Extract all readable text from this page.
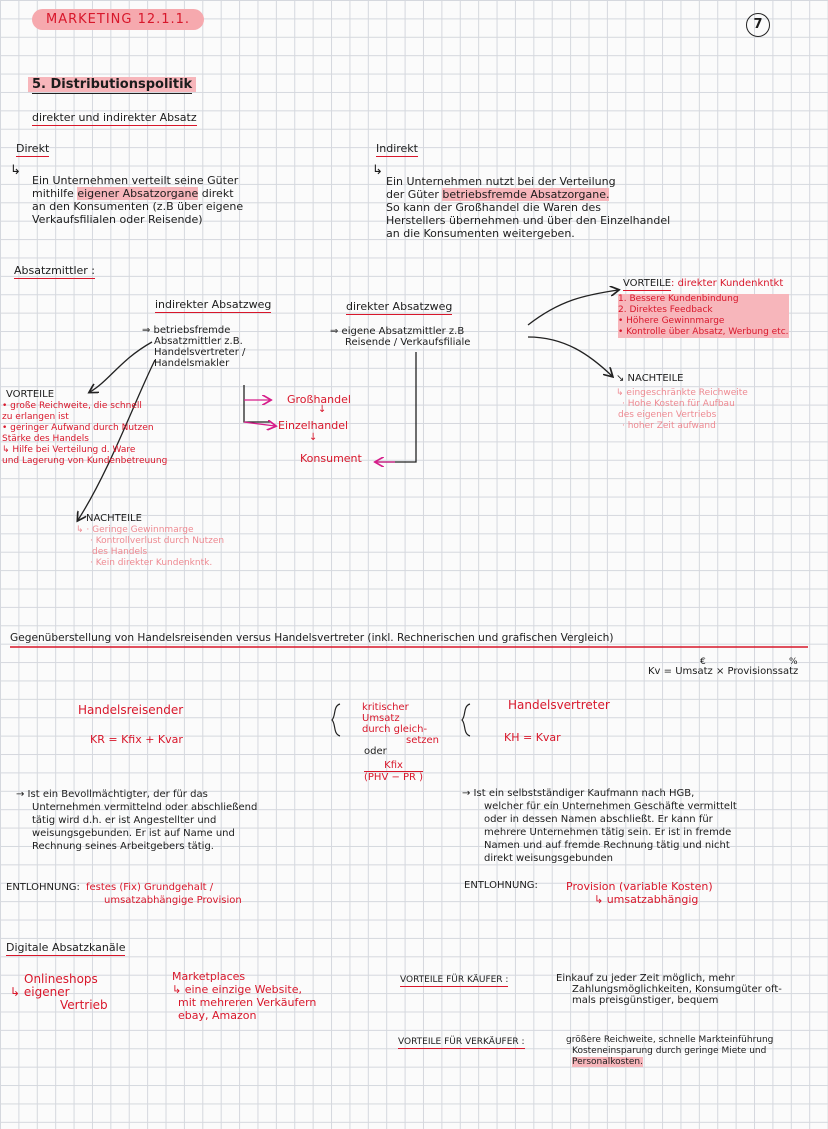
MARKETING 12.1.1.	7
5. Distributionspolitik
direkter und indirekter Absatz
Direkt
↳
Ein Unternehmen verteilt seine Güter
mithilfe eigener Absatzorgane direkt
an den Konsumenten (z.B über eigene
Verkaufsfilialen oder Reisende)
Indirekt
↳
Ein Unternehmen nutzt bei der Verteilung
der Güter betriebsfremde Absatzorgane.
So kann der Großhandel die Waren des
Herstellers übernehmen und über den Einzelhandel
an die Konsumenten weitergeben.
Absatzmittler :
indirekter Absatzweg
⇒ betriebsfremde
Absatzmittler z.B.
Handelsvertreter /
Handelsmakler
direkter Absatzweg
⇒ eigene Absatzmittler z.B
Reisende / Verkaufsfiliale
Großhandel
↓
Einzelhandel
↓
Konsument
VORTEILE
• große Reichweite, die schnell
zu erlangen ist
• geringer Aufwand durch Nutzen
Stärke des Handels
↳ Hilfe bei Verteilung d. Ware
und Lagerung von Kundenbetreuung
NACHTEILE
↳ · Geringe Gewinnmarge
· Kontrollverlust durch Nutzen
des Handels
· Kein direkter Kundenkntk.
VORTEILE: direkter Kundenkntkt
1. Bessere Kundenbindung
2. Direktes Feedback
• Höhere Gewinnmarge
• Kontrolle über Absatz, Werbung etc.
↘ NACHTEILE
↳ eingeschränkte Reichweite
· Hohe Kosten für Aufbau
des eigenen Vertriebs
· hoher Zeit aufwand
Gegenüberstellung von Handelsreisenden versus Handelsvertreter (inkl. Rechnerischen und grafischen Vergleich)
€	%
Kv = Umsatz × Provisionssatz
Handelsreisender
KR = Kfix + Kvar
kritischer
Umsatz
durch gleich-
setzen
oder
$\frac{\text{Kfix}}{\text{(PHV − PR )}}$
Handelsvertreter
KH = Kvar
→ Ist ein Bevollmächtigter, der für das
Unternehmen vermittelnd oder abschließend
tätig wird d.h. er ist Angestellter und
weisungsgebunden. Er ist auf Name und
Rechnung seines Arbeitgebers tätig.
→ Ist ein selbstständiger Kaufmann nach HGB,
welcher für ein Unternehmen Geschäfte vermittelt
oder in dessen Namen abschließt. Er kann für
mehrere Unternehmen tätig sein. Er ist in fremde
Namen und auf fremde Rechnung tätig und nicht
direkt weisungsgebunden
ENTLOHNUNG: festes (Fix) Grundgehalt /
umsatzabhängige Provision
ENTLOHNUNG:	Provision (variable Kosten)
↳ umsatzabhängig
Digitale Absatzkanäle
Onlineshops
↳ eigener
Vertrieb
Marketplaces
↳ eine einzige Website,
mit mehreren Verkäufern
ebay, Amazon
VORTEILE FÜR KÄUFER :	Einkauf zu jeder Zeit möglich, mehr
Zahlungsmöglichkeiten, Konsumgüter oft-
mals preisgünstiger, bequem
VORTEILE FÜR VERKÄUFER :	größere Reichweite, schnelle Markteinführung
Kosteneinsparung durch geringe Miete und
Personalkosten.
